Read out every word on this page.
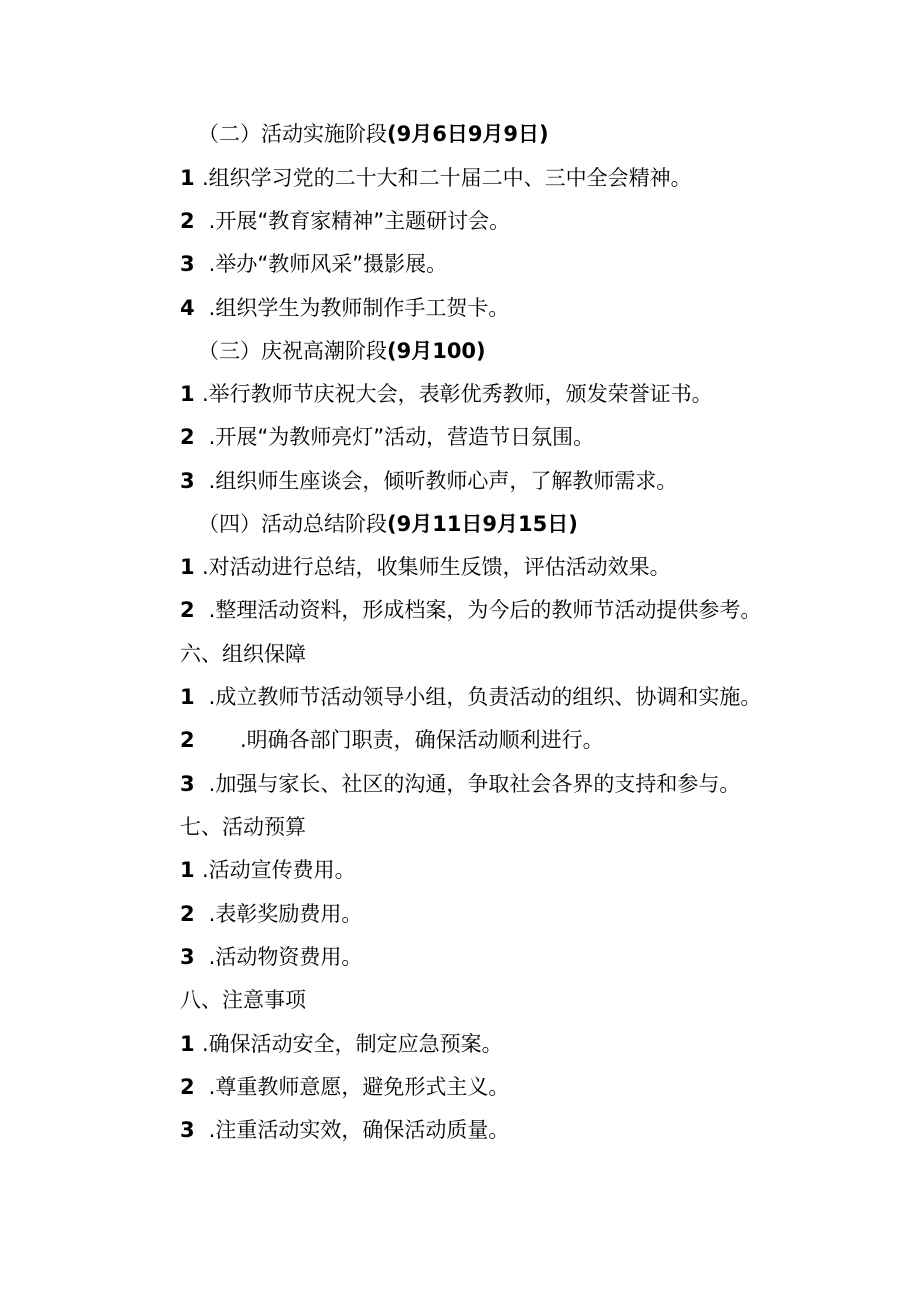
（二）活动实施阶段(9月6日9月9日)
1 .组织学习党的二十大和二十届二中、三中全会精神。
2 .开展“教育家精神”主题研讨会。
3 .举办“教师风采”摄影展。
4 .组织学生为教师制作手工贺卡。
（三）庆祝高潮阶段(9月100)
1 .举行教师节庆祝大会，表彰优秀教师，颁发荣誉证书。
2 .开展“为教师亮灯”活动，营造节日氛围。
3 .组织师生座谈会，倾听教师心声，了解教师需求。
（四）活动总结阶段(9月11日9月15日)
1 .对活动进行总结，收集师生反馈，评估活动效果。
2 .整理活动资料，形成档案，为今后的教师节活动提供参考。
六、组织保障
1 .成立教师节活动领导小组，负责活动的组织、协调和实施。
2 .明确各部门职责，确保活动顺利进行。
3 .加强与家长、社区的沟通，争取社会各界的支持和参与。
七、活动预算
1 .活动宣传费用。
2 .表彰奖励费用。
3 .活动物资费用。
八、注意事项
1 .确保活动安全，制定应急预案。
2 .尊重教师意愿，避免形式主义。
3 .注重活动实效，确保活动质量。
